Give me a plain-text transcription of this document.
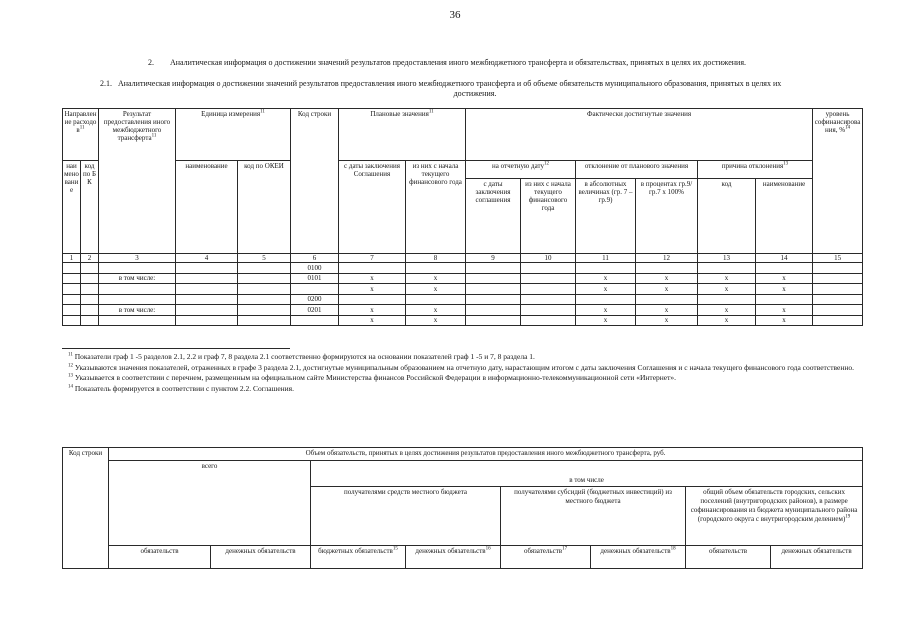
36
2. Аналитическая информация о достижении значений результатов предоставления иного межбюджетного трансферта и обязательствах, принятых в целях их достижения.
2.1. Аналитическая информация о достижении значений результатов предоставления иного межбюджетного трансферта и об объеме обязательств муниципального образования, принятых в целях их
достижения.
Направление расходов$^{11}$		Результат предоставления иного межбюджетного трансферта$^{11}$	Единица измерения$^{11}$		Код строки	Плановые значения$^{11}$		Фактически достигнутые значения						уровень софинансирования, %$^{14}$
наименование	код по БК		наименование	код по ОКЕИ		с даты заключения Соглашения	из них с начала текущего финансового года	на отчетную дату$^{12}$		отклонение от планового значения		причина отклонения$^{13}$
								с даты заключения соглашения	из них с начала текущего финансового года	в абсолютных величинах (гр. 7 – гр.9)	в процентах гр.9/гр.7 х 100%	код	наименование	
1	2	3	4	5	6	7	8	9	10	11	12	13	14	15
					0100									
		в том числе:			0101	х	х			х	х	х	х	
						х	х			х	х	х	х	
					0200									
		в том числе:			0201	х	х			х	х	х	х	
						х	х			х	х	х	х	
$^{11}$ Показатели граф 1 -5 разделов 2.1, 2.2 и граф 7, 8 раздела 2.1 соответственно формируются на основании показателей граф 1 -5 и 7, 8 раздела 1.
$^{12}$ Указываются значения показателей, отраженных в графе 3 раздела 2.1, достигнутые муниципальным образованием на отчетную дату, нарастающим итогом с даты заключения Соглашения и с начала текущего финансового года соответственно.
$^{13}$ Указывается в соответствии с перечнем, размещенным на официальном сайте Министерства финансов Российской Федерации в информационно-телекоммуникационной сети «Интернет».
$^{14}$ Показатель формируется в соответствии с пунктом 2.2. Соглашения.
Код строки	Объем обязательств, принятых в целях достижения результатов предоставления иного межбюджетного трансферта, руб.							
	всего		в том числе					
			получателями средств местного бюджета		получателями субсидий (бюджетных инвестиций) из местного бюджета		общий объем обязательств городских, сельских поселений (внутригородских районов), в размере софинансирования из бюджета муниципального района (городского округа с внутригородским делением)$^{19}$
	обязательств	денежных обязательств	бюджетных обязательств$^{15}$	денежных обязательств$^{16}$	обязательств$^{17}$	денежных обязательств$^{18}$	обязательств	денежных обязательств
